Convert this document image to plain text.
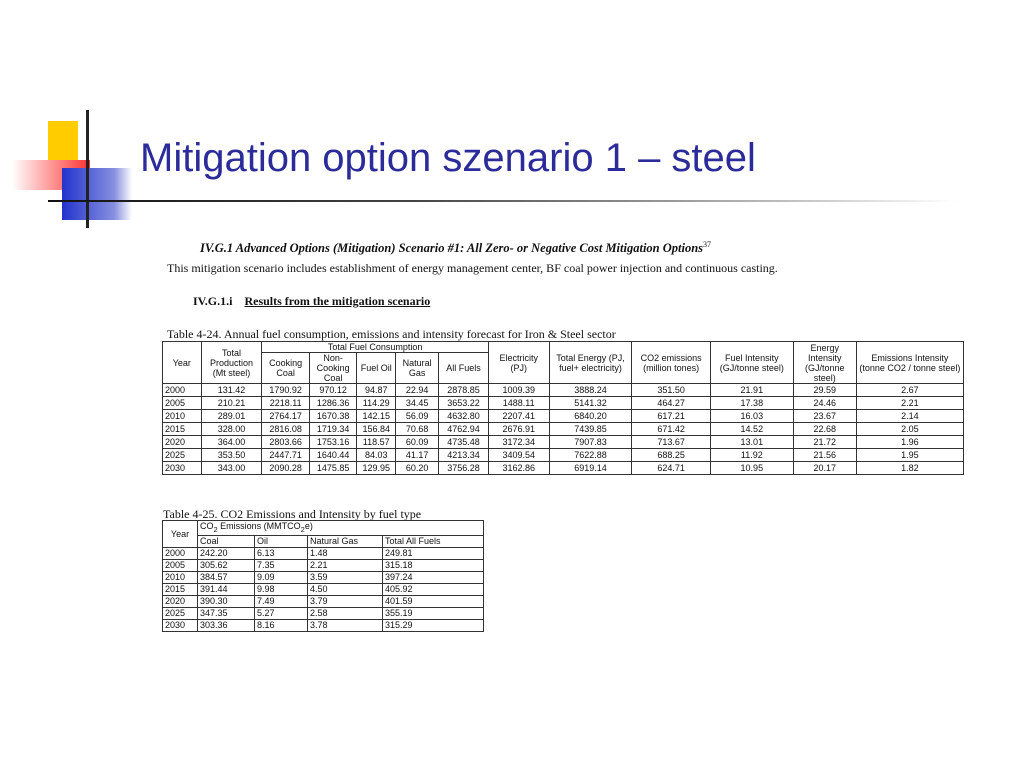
Mitigation option szenario 1 – steel
IV.G.1 Advanced Options (Mitigation) Scenario #1: All Zero- or Negative Cost Mitigation Options$^{37}$
This mitigation scenario includes establishment of energy management center, BF coal power injection and continuous casting.
IV.G.1.i Results from the mitigation scenario
Table 4-24. Annual fuel consumption, emissions and intensity forecast for Iron & Steel sector
Year	Total Production (Mt steel)	Total Fuel Consumption					Electricity (PJ)	Total Energy (PJ, fuel+ electricity)	CO2 emissions (million tones)	Fuel Intensity (GJ/tonne steel)	Energy Intensity (GJ/tonne steel)	Emissions Intensity (tonne CO2 / tonne steel)
		Cooking Coal	Non-Cooking Coal	Fuel Oil	Natural Gas	All Fuels						
2000	131.42	1790.92	970.12	94.87	22.94	2878.85	1009.39	3888.24	351.50	21.91	29.59	2.67
2005	210.21	2218.11	1286.36	114.29	34.45	3653.22	1488.11	5141.32	464.27	17.38	24.46	2.21
2010	289.01	2764.17	1670.38	142.15	56.09	4632.80	2207.41	6840.20	617.21	16.03	23.67	2.14
2015	328.00	2816.08	1719.34	156.84	70.68	4762.94	2676.91	7439.85	671.42	14.52	22.68	2.05
2020	364.00	2803.66	1753.16	118.57	60.09	4735.48	3172.34	7907.83	713.67	13.01	21.72	1.96
2025	353.50	2447.71	1640.44	84.03	41.17	4213.34	3409.54	7622.88	688.25	11.92	21.56	1.95
2030	343.00	2090.28	1475.85	129.95	60.20	3756.28	3162.86	6919.14	624.71	10.95	20.17	1.82
Table 4-25. CO2 Emissions and Intensity by fuel type
Year	$CO_2$ Emissions $(MMTCO_2e)$			
	Coal	Oil	Natural Gas	Total All Fuels
2000	242.20	6.13	1.48	249.81
2005	305.62	7.35	2.21	315.18
2010	384.57	9.09	3.59	397.24
2015	391.44	9.98	4.50	405.92
2020	390.30	7.49	3.79	401.59
2025	347.35	5.27	2.58	355.19
2030	303.36	8.16	3.78	315.29
